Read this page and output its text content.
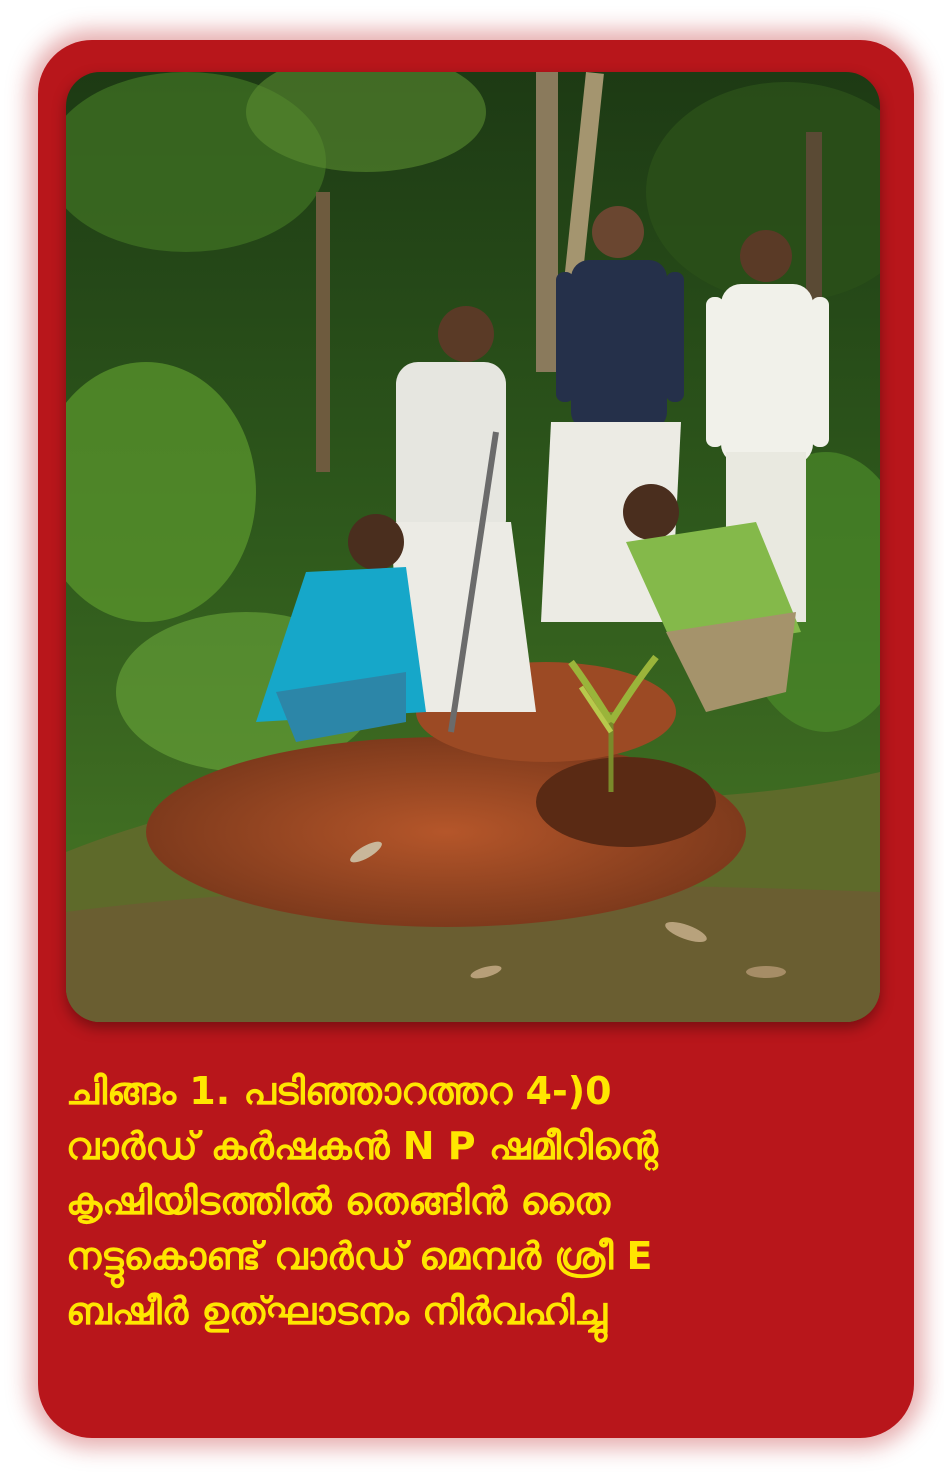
ചിങ്ങം 1. പടിഞ്ഞാറത്തറ 4-)0
വാർഡ് കർഷകൻ N P ഷമീറിന്റെ
കൃഷിയിടത്തിൽ തെങ്ങിൻ തൈ
നട്ടുകൊണ്ട് വാർഡ് മെമ്പർ ശ്രീ E
ബഷീർ ഉത്ഘാടനം നിർവഹിച്ചു
